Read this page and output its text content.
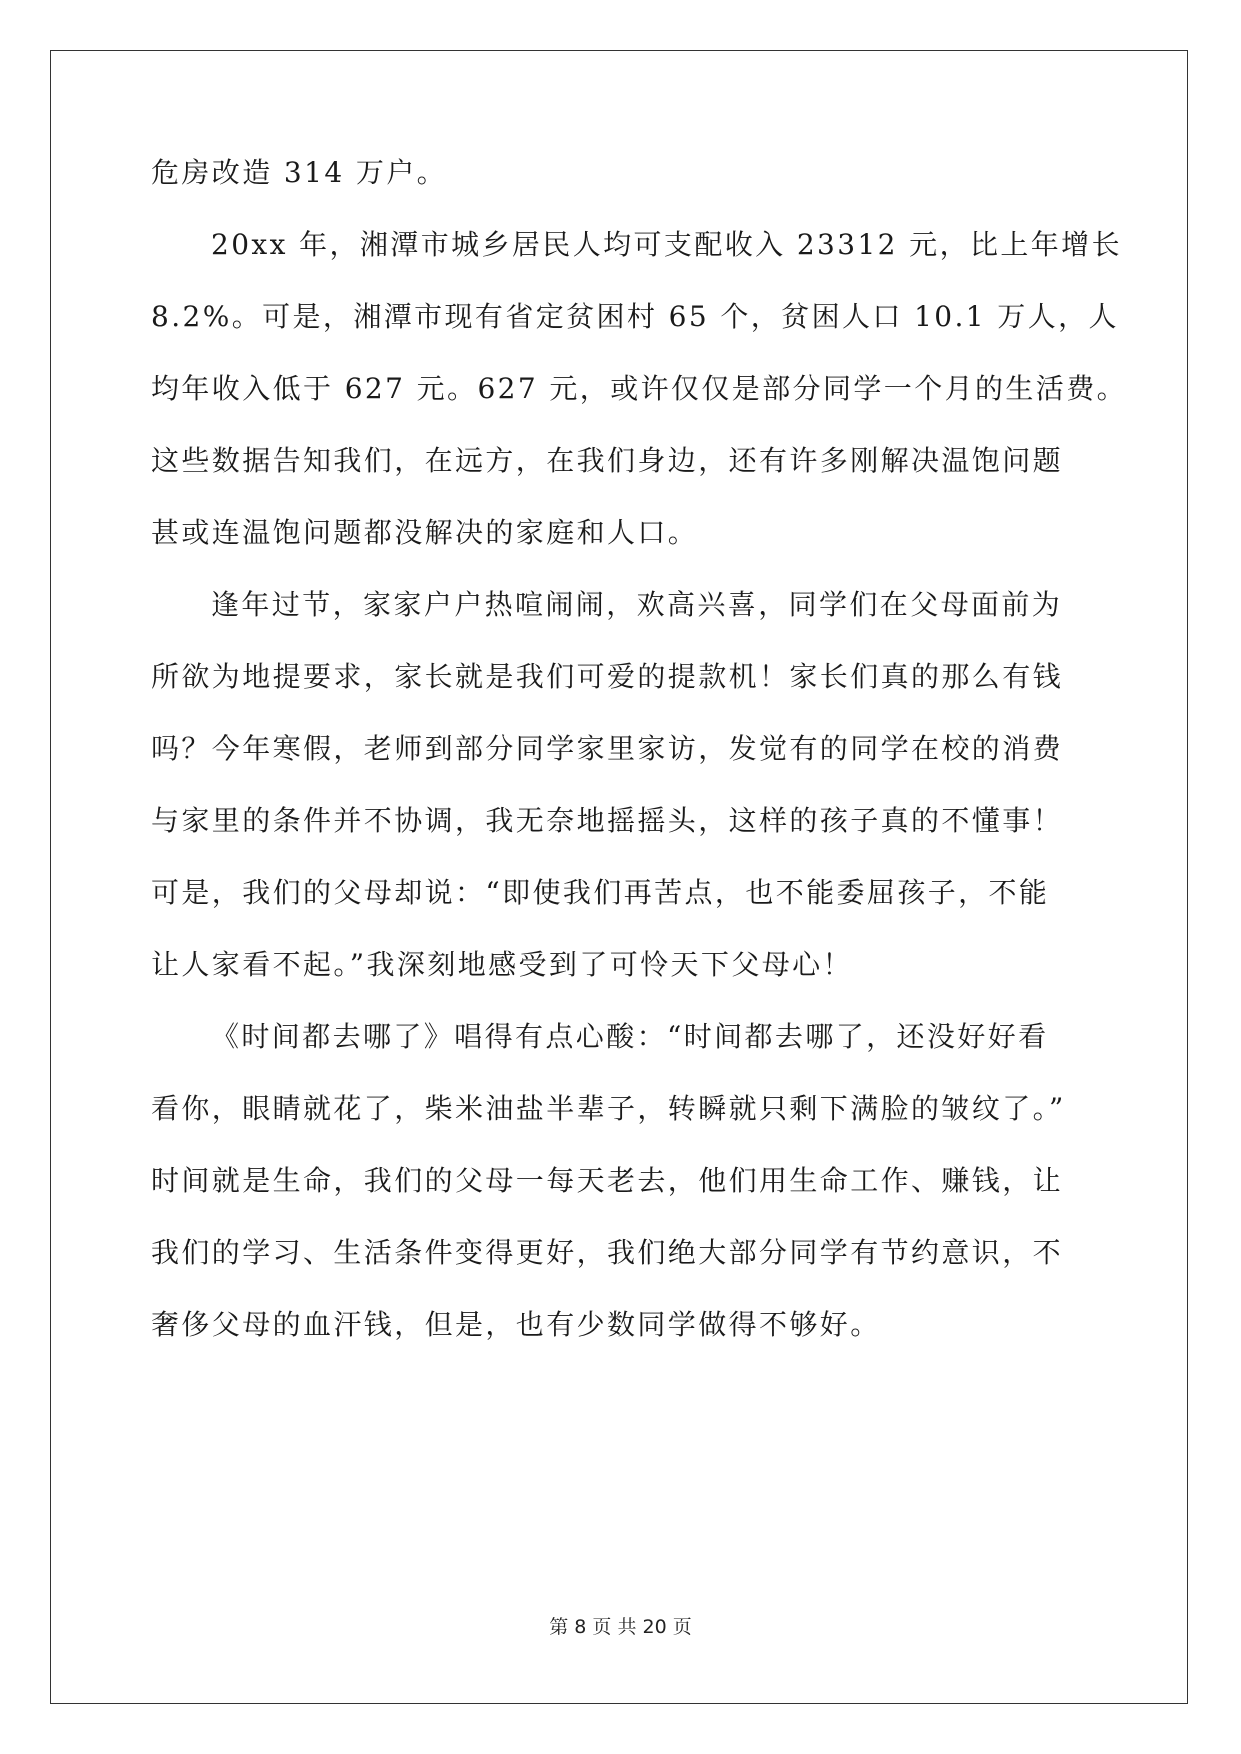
危房改造 314 万户。
20xx 年，湘潭市城乡居民人均可支配收入 23312 元，比上年增长
8.2%。可是，湘潭市现有省定贫困村 65 个，贫困人口 10.1 万人，人
均年收入低于 627 元。627 元，或许仅仅是部分同学一个月的生活费。
这些数据告知我们，在远方，在我们身边，还有许多刚解决温饱问题
甚或连温饱问题都没解决的家庭和人口。
逢年过节，家家户户热喧闹闹，欢高兴喜，同学们在父母面前为
所欲为地提要求，家长就是我们可爱的提款机！家长们真的那么有钱
吗？今年寒假，老师到部分同学家里家访，发觉有的同学在校的消费
与家里的条件并不协调，我无奈地摇摇头，这样的孩子真的不懂事！
可是，我们的父母却说：“即使我们再苦点，也不能委屈孩子，不能
让人家看不起。”我深刻地感受到了可怜天下父母心！
《时间都去哪了》唱得有点心酸：“时间都去哪了，还没好好看
看你，眼睛就花了，柴米油盐半辈子，转瞬就只剩下满脸的皱纹了。”
时间就是生命，我们的父母一每天老去，他们用生命工作、赚钱，让
我们的学习、生活条件变得更好，我们绝大部分同学有节约意识，不
奢侈父母的血汗钱，但是，也有少数同学做得不够好。
第 8 页 共 20 页
